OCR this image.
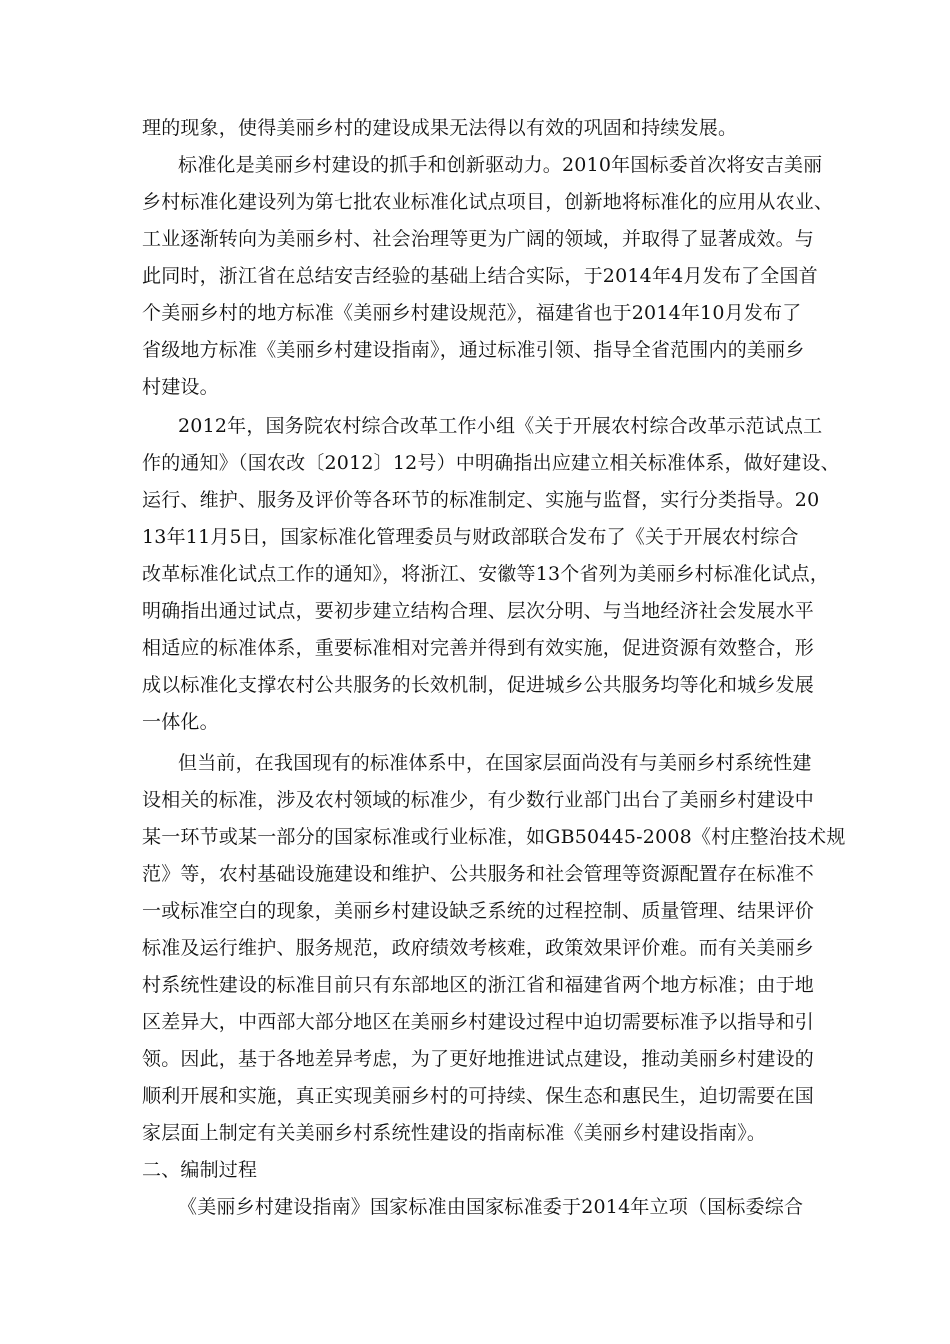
理的现象，使得美丽乡村的建设成果无法得以有效的巩固和持续发展。
标准化是美丽乡村建设的抓手和创新驱动力。2010年国标委首次将安吉美丽
乡村标准化建设列为第七批农业标准化试点项目，创新地将标准化的应用从农业、
工业逐渐转向为美丽乡村、社会治理等更为广阔的领域，并取得了显著成效。与
此同时，浙江省在总结安吉经验的基础上结合实际，于2014年4月发布了全国首
个美丽乡村的地方标准《美丽乡村建设规范》，福建省也于2014年10月发布了
省级地方标准《美丽乡村建设指南》，通过标准引领、指导全省范围内的美丽乡
村建设。
2012年，国务院农村综合改革工作小组《关于开展农村综合改革示范试点工
作的通知》（国农改〔2012〕12号）中明确指出应建立相关标准体系，做好建设、
运行、维护、服务及评价等各环节的标准制定、实施与监督，实行分类指导。20
13年11月5日，国家标准化管理委员与财政部联合发布了《关于开展农村综合
改革标准化试点工作的通知》，将浙江、安徽等13个省列为美丽乡村标准化试点，
明确指出通过试点，要初步建立结构合理、层次分明、与当地经济社会发展水平
相适应的标准体系，重要标准相对完善并得到有效实施，促进资源有效整合，形
成以标准化支撑农村公共服务的长效机制，促进城乡公共服务均等化和城乡发展
一体化。
但当前，在我国现有的标准体系中，在国家层面尚没有与美丽乡村系统性建
设相关的标准，涉及农村领域的标准少，有少数行业部门出台了美丽乡村建设中
某一环节或某一部分的国家标准或行业标准，如GB50445-2008《村庄整治技术规
范》等，农村基础设施建设和维护、公共服务和社会管理等资源配置存在标准不
一或标准空白的现象，美丽乡村建设缺乏系统的过程控制、质量管理、结果评价
标准及运行维护、服务规范，政府绩效考核难，政策效果评价难。而有关美丽乡
村系统性建设的标准目前只有东部地区的浙江省和福建省两个地方标准；由于地
区差异大，中西部大部分地区在美丽乡村建设过程中迫切需要标准予以指导和引
领。因此，基于各地差异考虑，为了更好地推进试点建设，推动美丽乡村建设的
顺利开展和实施，真正实现美丽乡村的可持续、保生态和惠民生，迫切需要在国
家层面上制定有关美丽乡村系统性建设的指南标准《美丽乡村建设指南》。
二、编制过程
《美丽乡村建设指南》国家标准由国家标准委于2014年立项（国标委综合
